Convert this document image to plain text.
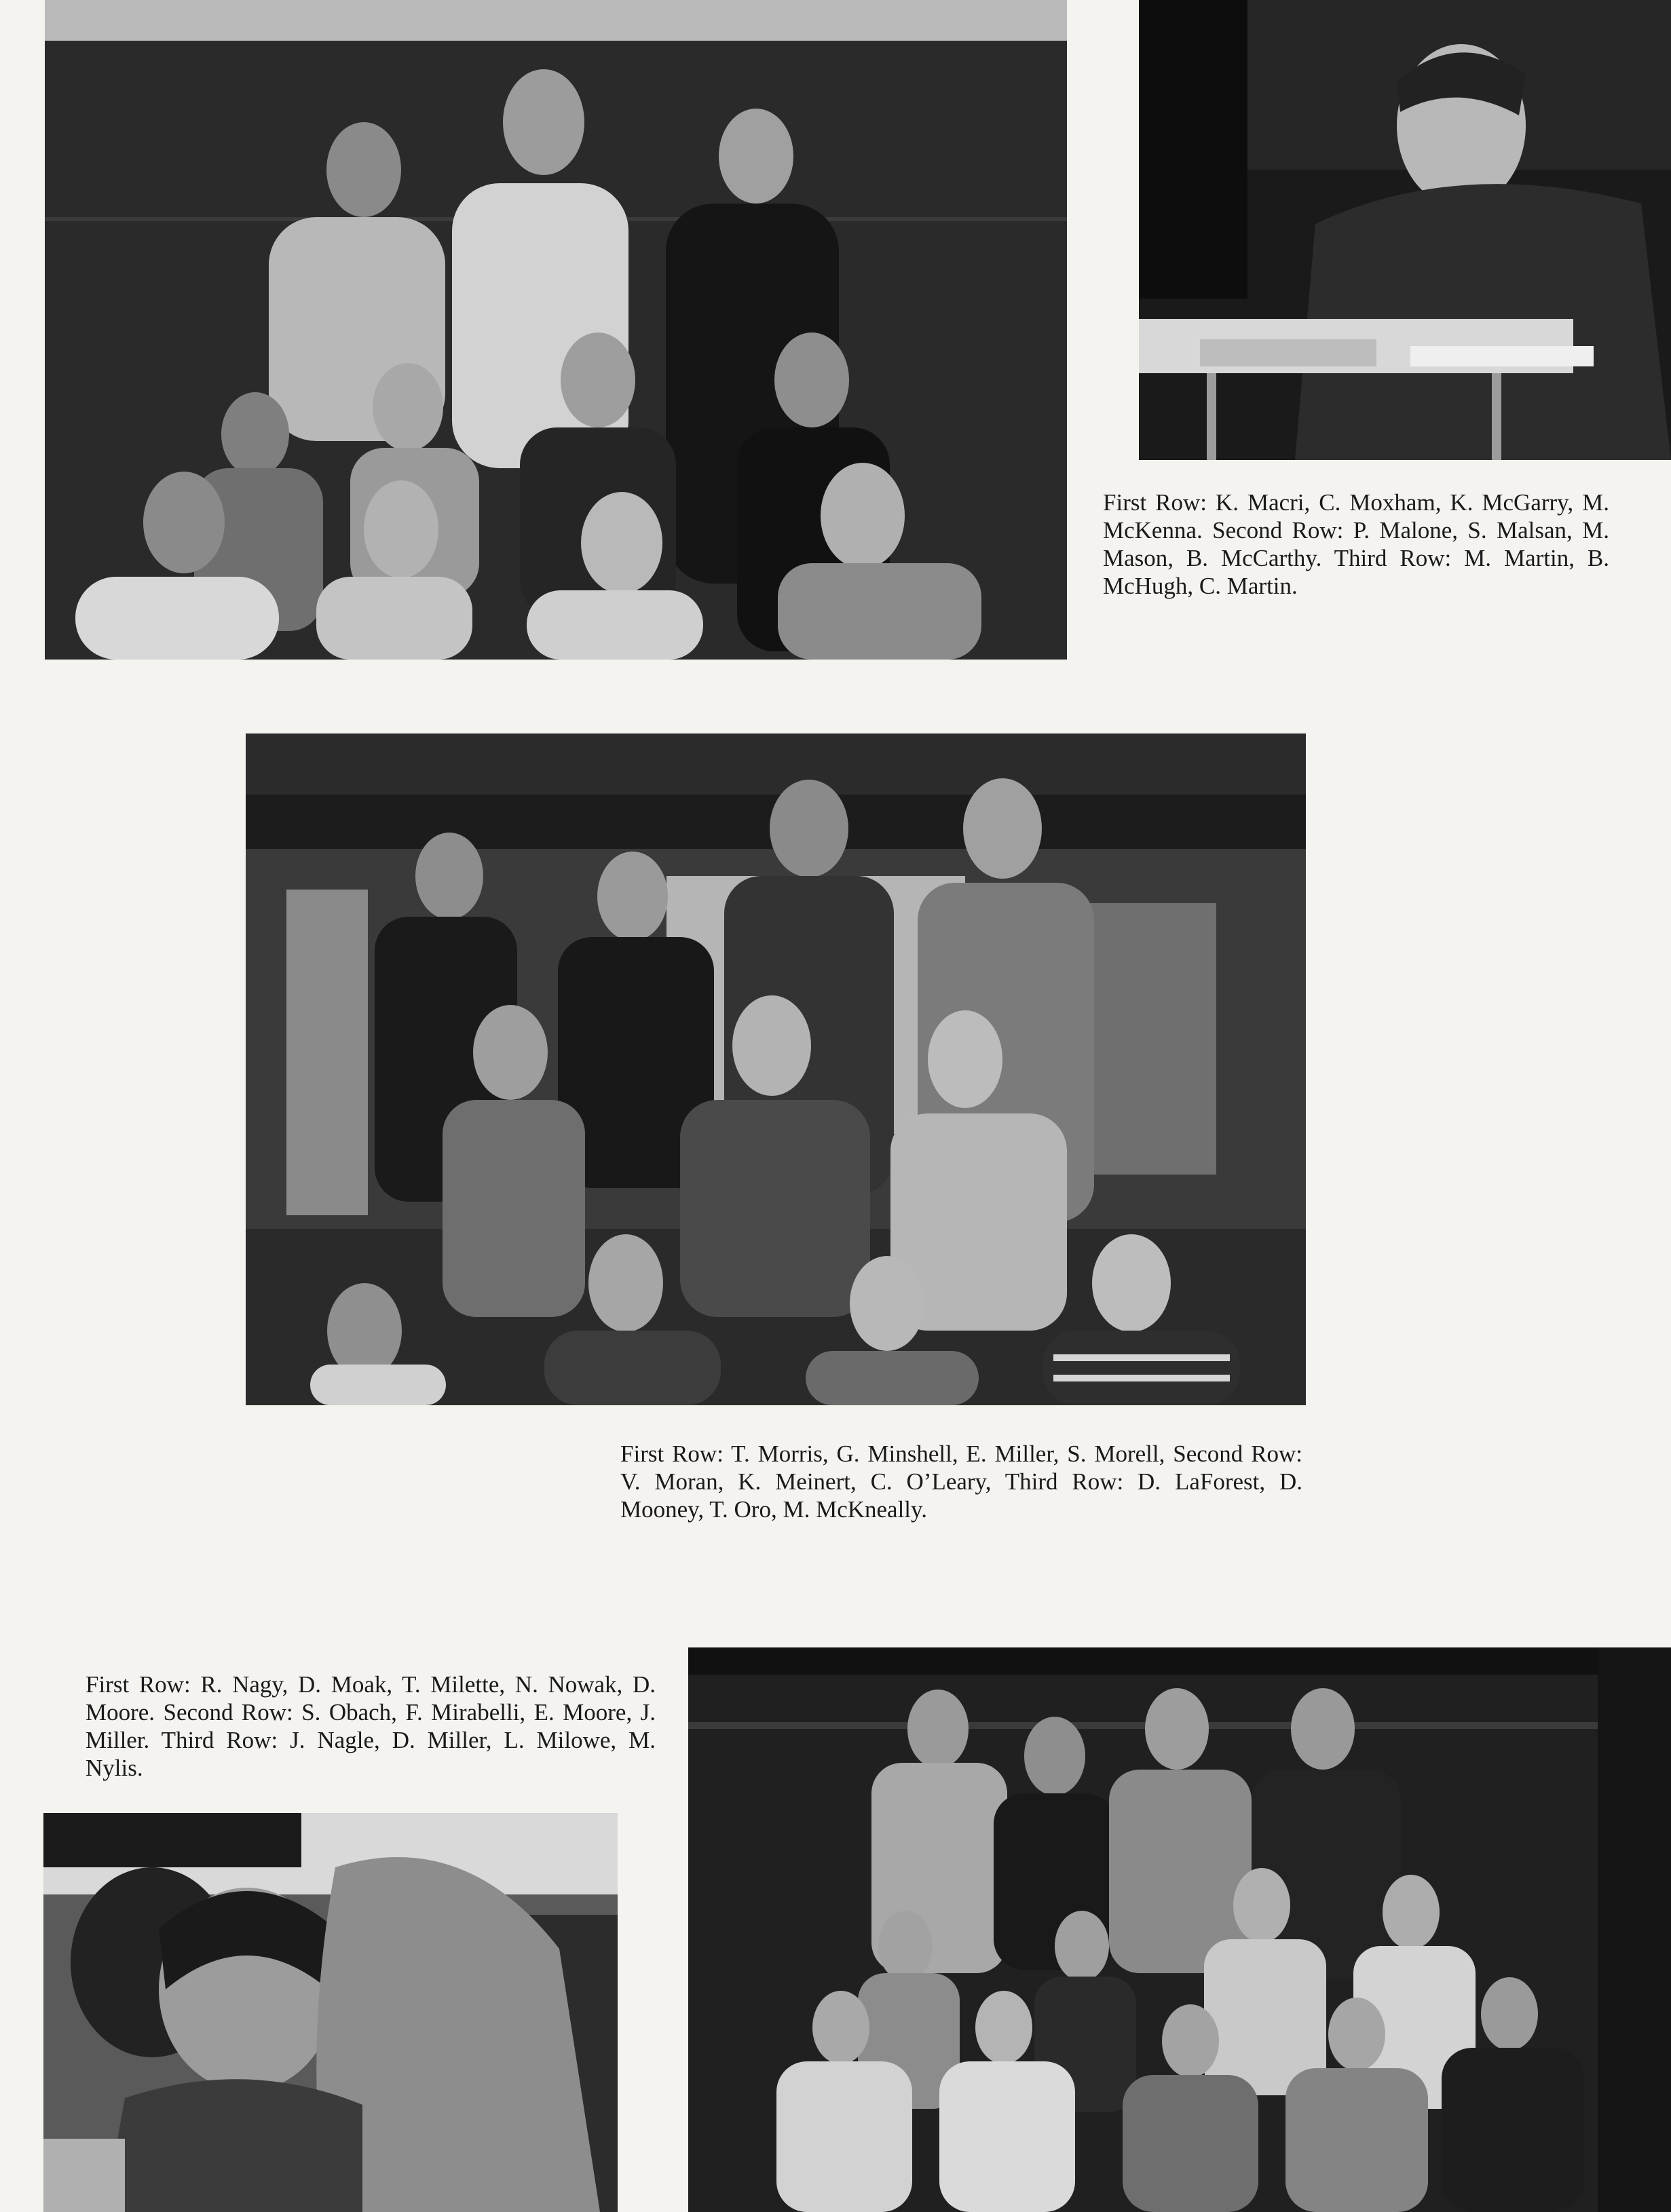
First Row: K. Macri, C. Moxham, K. McGarry, M. McKenna. Second Row: P. Malone, S. Malsan, M. Mason, B. McCarthy. Third Row: M. Martin, B. McHugh, C. Martin.

First Row: T. Morris, G. Minshell, E. Miller, S. Morell, Second Row: V. Moran, K. Meinert, C. O’Leary, Third Row: D. LaForest, D. Mooney, T. Oro, M. McKneally.

First Row: R. Nagy, D. Moak, T. Milette, N. Nowak, D. Moore. Second Row: S. Obach, F. Mirabelli, E. Moore, J. Miller. Third Row: J. Nagle, D. Miller, L. Milowe, M. Nylis.
